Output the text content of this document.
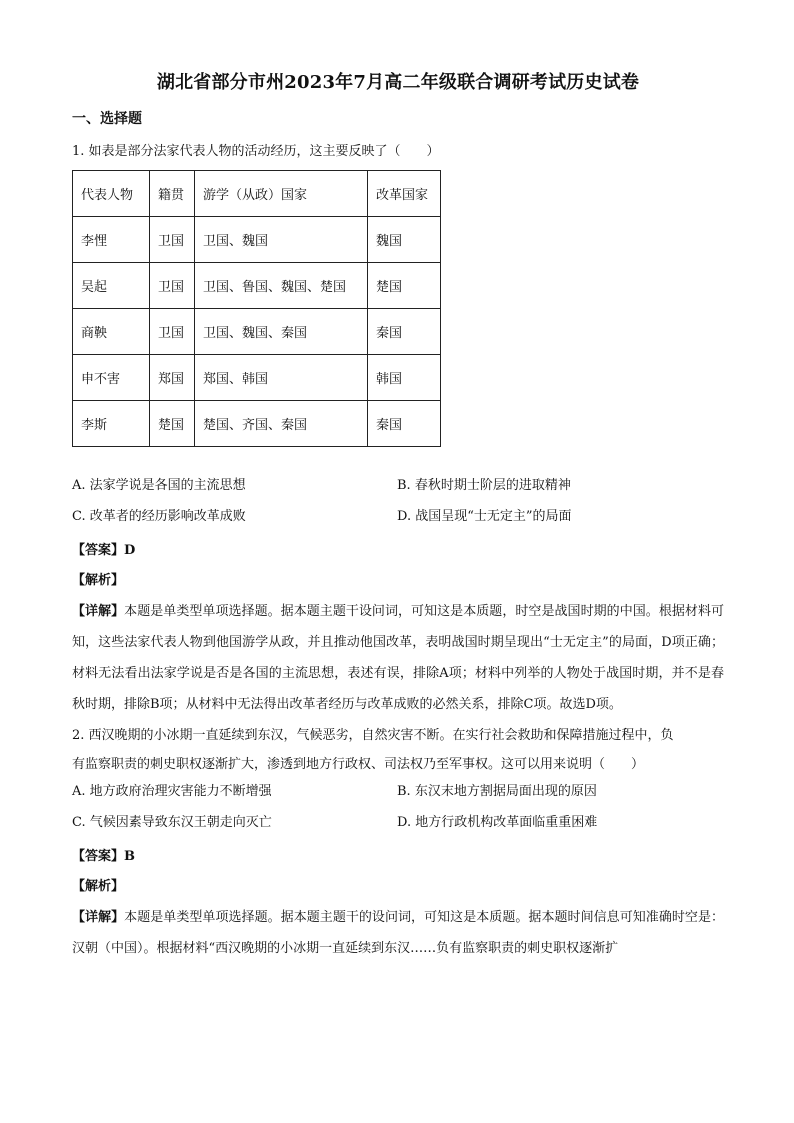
湖北省部分市州2023年7月高二年级联合调研考试历史试卷
一、选择题

1. 如表是部分法家代表人物的活动经历，这主要反映了（　　）

代表人物	籍贯	游学（从政）国家	改革国家
李悝	卫国	卫国、魏国	魏国
吴起	卫国	卫国、鲁国、魏国、楚国	楚国
商鞅	卫国	卫国、魏国、秦国	秦国
申不害	郑国	郑国、韩国	韩国
李斯	楚国	楚国、齐国、秦国	秦国
A. 法家学说是各国的主流思想	B. 春秋时期士阶层的进取精神
C. 改革者的经历影响改革成败	D. 战国呈现“士无定主”的局面

【答案】D

【解析】

【详解】本题是单类型单项选择题。据本题主题干设问词，可知这是本质题，时空是战国时期的中国。根据材料可知，这些法家代表人物到他国游学从政，并且推动他国改革，表明战国时期呈现出“士无定主”的局面，D项正确；材料无法看出法家学说是否是各国的主流思想，表述有误，排除A项；材料中列举的人物处于战国时期，并不是春秋时期，排除B项；从材料中无法得出改革者经历与改革成败的必然关系，排除C项。故选D项。

2. 西汉晚期的小冰期一直延续到东汉，气候恶劣，自然灾害不断。在实行社会救助和保障措施过程中，负

有监察职责的刺史职权逐渐扩大，渗透到地方行政权、司法权乃至军事权。这可以用来说明（　　）

A. 地方政府治理灾害能力不断增强	B. 东汉末地方割据局面出现的原因
C. 气候因素导致东汉王朝走向灭亡	D. 地方行政机构改革面临重重困难

【答案】B

【解析】

【详解】本题是单类型单项选择题。据本题主题干的设问词，可知这是本质题。据本题时间信息可知准确时空是：汉朝（中国）。根据材料“西汉晚期的小冰期一直延续到东汉……负有监察职责的刺史职权逐渐扩
